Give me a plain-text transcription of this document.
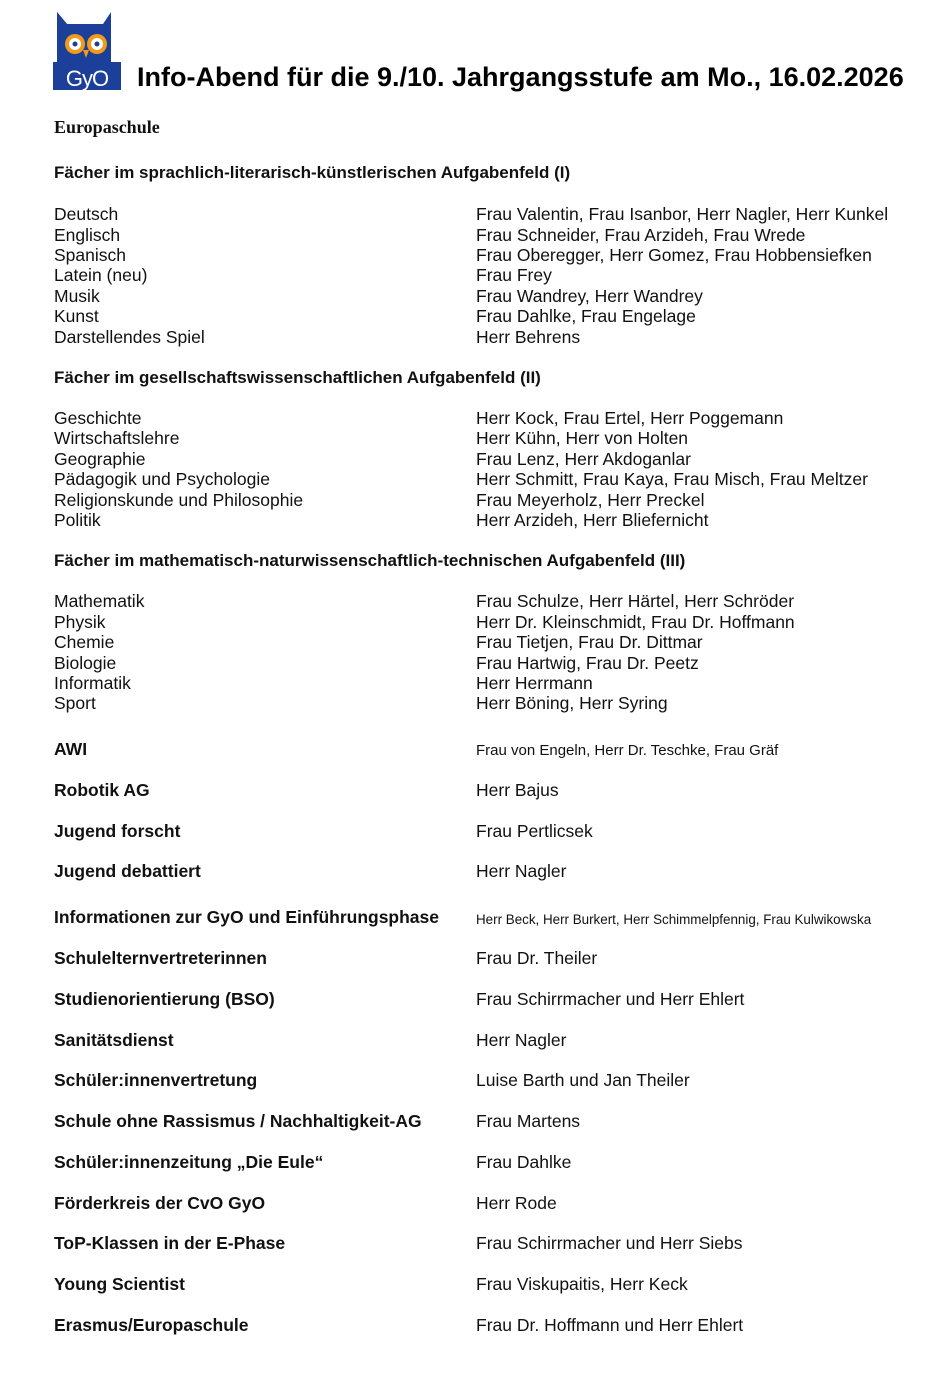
GyO Info-Abend für die 9./10. Jahrgangsstufe am Mo., 16.02.2026
Europaschule
Fächer im sprachlich-literarisch-künstlerischen Aufgabenfeld (I)
Deutsch	Frau Valentin, Frau Isanbor, Herr Nagler, Herr Kunkel
Englisch	Frau Schneider, Frau Arzideh, Frau Wrede
Spanisch	Frau Oberegger, Herr Gomez, Frau Hobbensiefken
Latein (neu)	Frau Frey
Musik	Frau Wandrey, Herr Wandrey
Kunst	Frau Dahlke, Frau Engelage
Darstellendes Spiel	Herr Behrens
Fächer im gesellschaftswissenschaftlichen Aufgabenfeld (II)
Geschichte	Herr Kock, Frau Ertel, Herr Poggemann
Wirtschaftslehre	Herr Kühn, Herr von Holten
Geographie	Frau Lenz, Herr Akdoganlar
Pädagogik und Psychologie	Herr Schmitt, Frau Kaya, Frau Misch, Frau Meltzer
Religionskunde und Philosophie	Frau Meyerholz, Herr Preckel
Politik	Herr Arzideh, Herr Bliefernicht
Fächer im mathematisch-naturwissenschaftlich-technischen Aufgabenfeld (III)
Mathematik	Frau Schulze, Herr Härtel, Herr Schröder
Physik	Herr Dr. Kleinschmidt, Frau Dr. Hoffmann
Chemie	Frau Tietjen, Frau Dr. Dittmar
Biologie	Frau Hartwig, Frau Dr. Peetz
Informatik	Herr Herrmann
Sport	Herr Böning, Herr Syring
AWI	Frau von Engeln, Herr Dr. Teschke, Frau Gräf
Robotik AG	Herr Bajus
Jugend forscht	Frau Pertlicsek
Jugend debattiert	Herr Nagler
Informationen zur GyO und Einführungsphase	Herr Beck, Herr Burkert, Herr Schimmelpfennig, Frau Kulwikowska
Schulelternvertreterinnen	Frau Dr. Theiler
Studienorientierung (BSO)	Frau Schirrmacher und Herr Ehlert
Sanitätsdienst	Herr Nagler
Schüler:innenvertretung	Luise Barth und Jan Theiler
Schule ohne Rassismus / Nachhaltigkeit-AG	Frau Martens
Schüler:innenzeitung „Die Eule“	Frau Dahlke
Förderkreis der CvO GyO	Herr Rode
ToP-Klassen in der E-Phase	Frau Schirrmacher und Herr Siebs
Young Scientist	Frau Viskupaitis, Herr Keck
Erasmus/Europaschule	Frau Dr. Hoffmann und Herr Ehlert
